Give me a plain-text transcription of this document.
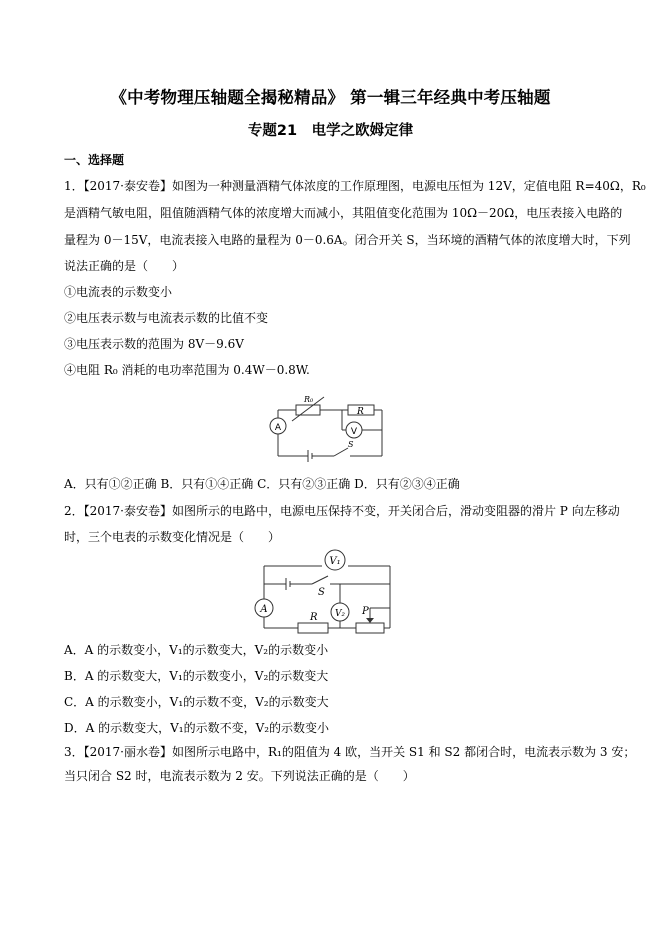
《中考物理压轴题全揭秘精品》 第一辑三年经典中考压轴题
专题21　电学之欧姆定律
一、选择题
1．【2017·泰安卷】如图为一种测量酒精气体浓度的工作原理图，电源电压恒为 12V，定值电阻 R=40Ω，R₀
是酒精气敏电阻，阻值随酒精气体的浓度增大而减小，其阻值变化范围为 10Ω－20Ω，电压表接入电路的
量程为 0－15V，电流表接入电路的量程为 0－0.6A。闭合开关 S，当环境的酒精气体的浓度增大时，下列
说法正确的是（　　）
①电流表的示数变小
②电压表示数与电流表示数的比值不变
③电压表示数的范围为 8V－9.6V
④电阻 R₀ 消耗的电功率范围为 0.4W－0.8W.
A	V
R₀
R
S
A．只有①②正确 B．只有①④正确 C．只有②③正确 D．只有②③④正确
2．【2017·泰安卷】如图所示的电路中，电源电压保持不变，开关闭合后，滑动变阻器的滑片 P 向左移动
时，三个电表的示数变化情况是（　　）
V₁
V₂
A
S
R
P
A．A 的示数变小，V₁的示数变大，V₂的示数变小
B．A 的示数变大，V₁的示数变小，V₂的示数变大
C．A 的示数变小，V₁的示数不变，V₂的示数变大
D．A 的示数变大，V₁的示数不变，V₂的示数变小
3．【2017·丽水卷】如图所示电路中，R₁的阻值为 4 欧，当开关 S1 和 S2 都闭合时，电流表示数为 3 安；
当只闭合 S2 时，电流表示数为 2 安。下列说法正确的是（　　）
